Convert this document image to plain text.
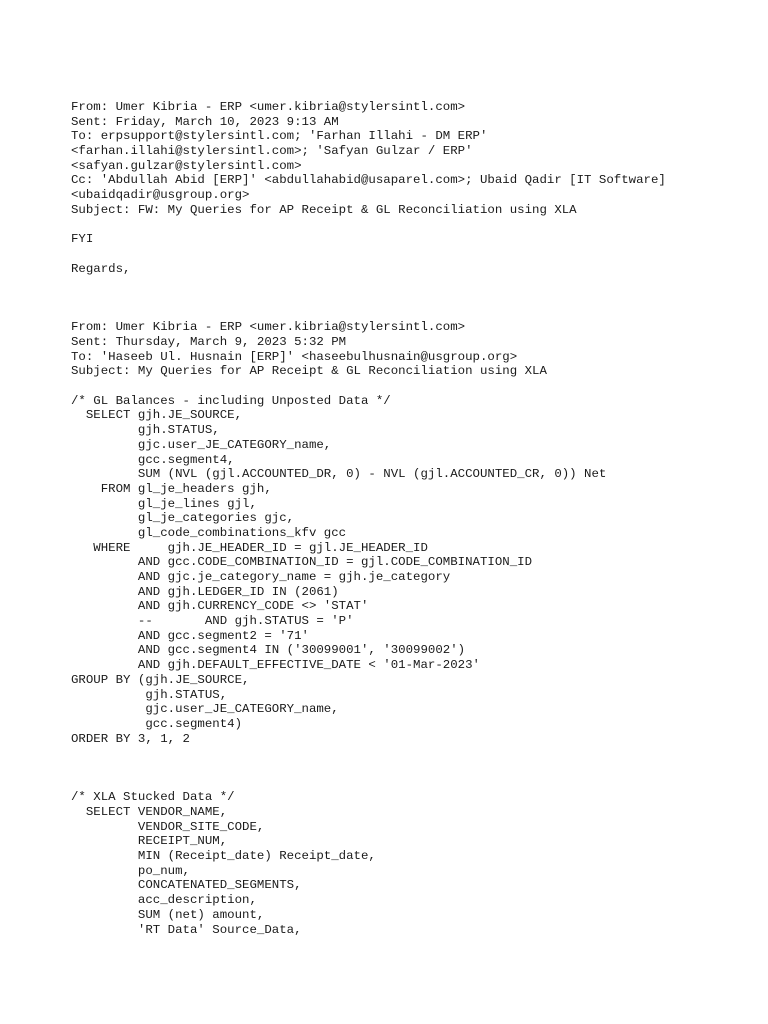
From: Umer Kibria - ERP <umer.kibria@stylersintl.com>
Sent: Friday, March 10, 2023 9:13 AM
To: erpsupport@stylersintl.com; 'Farhan Illahi - DM ERP'
<farhan.illahi@stylersintl.com>; 'Safyan Gulzar / ERP'
<safyan.gulzar@stylersintl.com>
Cc: 'Abdullah Abid [ERP]' <abdullahabid@usaparel.com>; Ubaid Qadir [IT Software]
<ubaidqadir@usgroup.org>
Subject: FW: My Queries for AP Receipt & GL Reconciliation using XLA
FYI
Regards,
From: Umer Kibria - ERP <umer.kibria@stylersintl.com>
Sent: Thursday, March 9, 2023 5:32 PM
To: 'Haseeb Ul. Husnain [ERP]' <haseebulhusnain@usgroup.org>
Subject: My Queries for AP Receipt & GL Reconciliation using XLA
/* GL Balances - including Unposted Data */
SELECT gjh.JE_SOURCE,
gjh.STATUS,
gjc.user_JE_CATEGORY_name,
gcc.segment4,
SUM (NVL (gjl.ACCOUNTED_DR, 0) - NVL (gjl.ACCOUNTED_CR, 0)) Net
FROM gl_je_headers gjh,
gl_je_lines gjl,
gl_je_categories gjc,
gl_code_combinations_kfv gcc
WHERE     gjh.JE_HEADER_ID = gjl.JE_HEADER_ID
AND gcc.CODE_COMBINATION_ID = gjl.CODE_COMBINATION_ID
AND gjc.je_category_name = gjh.je_category
AND gjh.LEDGER_ID IN (2061)
AND gjh.CURRENCY_CODE <> 'STAT'
--       AND gjh.STATUS = 'P'
AND gcc.segment2 = '71'
AND gcc.segment4 IN ('30099001', '30099002')
AND gjh.DEFAULT_EFFECTIVE_DATE < '01-Mar-2023'
GROUP BY (gjh.JE_SOURCE,
gjh.STATUS,
gjc.user_JE_CATEGORY_name,
gcc.segment4)
ORDER BY 3, 1, 2
/* XLA Stucked Data */
SELECT VENDOR_NAME,
VENDOR_SITE_CODE,
RECEIPT_NUM,
MIN (Receipt_date) Receipt_date,
po_num,
CONCATENATED_SEGMENTS,
acc_description,
SUM (net) amount,
'RT Data' Source_Data,
